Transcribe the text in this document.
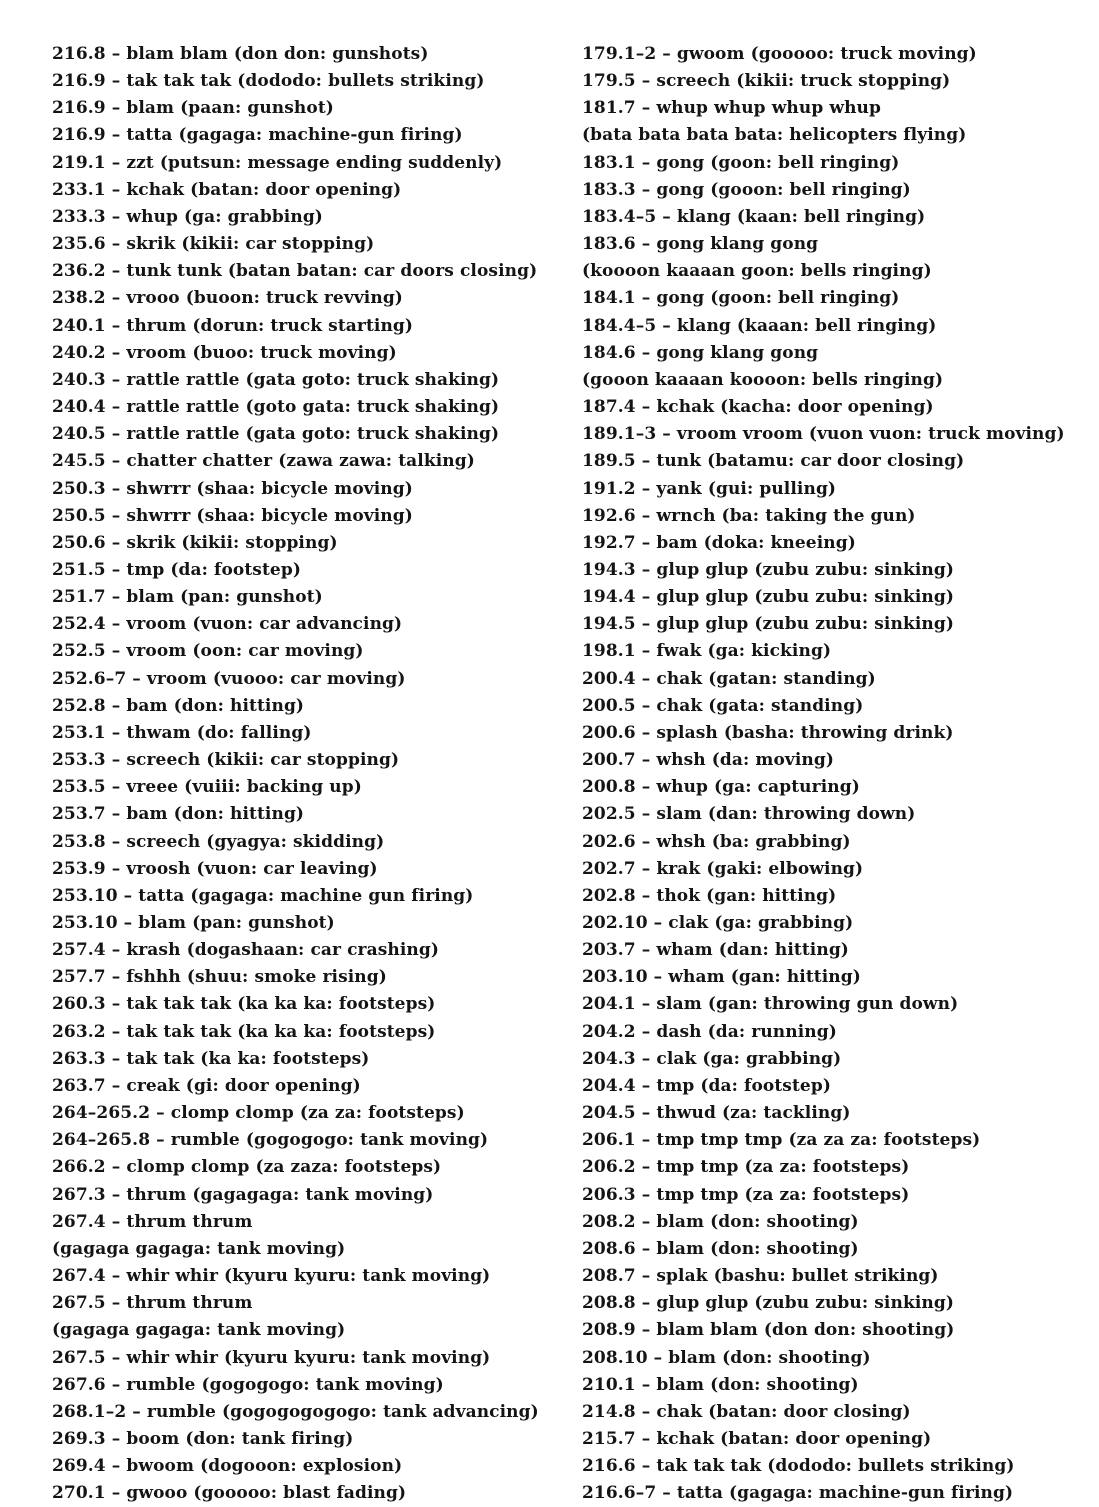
216.8 – blam blam (don don: gunshots)
216.9 – tak tak tak (dododo: bullets striking)
216.9 – blam (paan: gunshot)
216.9 – tatta (gagaga: machine-gun firing)
219.1 – zzt (putsun: message ending suddenly)
233.1 – kchak (batan: door opening)
233.3 – whup (ga: grabbing)
235.6 – skrik (kikii: car stopping)
236.2 – tunk tunk (batan batan: car doors closing)
238.2 – vrooo (buoon: truck revving)
240.1 – thrum (dorun: truck starting)
240.2 – vroom (buoo: truck moving)
240.3 – rattle rattle (gata goto: truck shaking)
240.4 – rattle rattle (goto gata: truck shaking)
240.5 – rattle rattle (gata goto: truck shaking)
245.5 – chatter chatter (zawa zawa: talking)
250.3 – shwrrr (shaa: bicycle moving)
250.5 – shwrrr (shaa: bicycle moving)
250.6 – skrik (kikii: stopping)
251.5 – tmp (da: footstep)
251.7 – blam (pan: gunshot)
252.4 – vroom (vuon: car advancing)
252.5 – vroom (oon: car moving)
252.6–7 – vroom (vuooo: car moving)
252.8 – bam (don: hitting)
253.1 – thwam (do: falling)
253.3 – screech (kikii: car stopping)
253.5 – vreee (vuiii: backing up)
253.7 – bam (don: hitting)
253.8 – screech (gyagya: skidding)
253.9 – vroosh (vuon: car leaving)
253.10 – tatta (gagaga: machine gun firing)
253.10 – blam (pan: gunshot)
257.4 – krash (dogashaan: car crashing)
257.7 – fshhh (shuu: smoke rising)
260.3 – tak tak tak (ka ka ka: footsteps)
263.2 – tak tak tak (ka ka ka: footsteps)
263.3 – tak tak (ka ka: footsteps)
263.7 – creak (gi: door opening)
264–265.2 – clomp clomp (za za: footsteps)
264–265.8 – rumble (gogogogo: tank moving)
266.2 – clomp clomp (za zaza: footsteps)
267.3 – thrum (gagagaga: tank moving)
267.4 – thrum thrum
(gagaga gagaga: tank moving)
267.4 – whir whir (kyuru kyuru: tank moving)
267.5 – thrum thrum
(gagaga gagaga: tank moving)
267.5 – whir whir (kyuru kyuru: tank moving)
267.6 – rumble (gogogogo: tank moving)
268.1–2 – rumble (gogogogogogo: tank advancing)
269.3 – boom (don: tank firing)
269.4 – bwoom (dogooon: explosion)
270.1 – gwooo (gooooo: blast fading)
179.1–2 – gwoom (gooooo: truck moving)
179.5 – screech (kikii: truck stopping)
181.7 – whup whup whup whup
(bata bata bata bata: helicopters flying)
183.1 – gong (goon: bell ringing)
183.3 – gong (gooon: bell ringing)
183.4–5 – klang (kaan: bell ringing)
183.6 – gong klang gong
(koooon kaaaan goon: bells ringing)
184.1 – gong (goon: bell ringing)
184.4–5 – klang (kaaan: bell ringing)
184.6 – gong klang gong
(gooon kaaaan koooon: bells ringing)
187.4 – kchak (kacha: door opening)
189.1–3 – vroom vroom (vuon vuon: truck moving)
189.5 – tunk (batamu: car door closing)
191.2 – yank (gui: pulling)
192.6 – wrnch (ba: taking the gun)
192.7 – bam (doka: kneeing)
194.3 – glup glup (zubu zubu: sinking)
194.4 – glup glup (zubu zubu: sinking)
194.5 – glup glup (zubu zubu: sinking)
198.1 – fwak (ga: kicking)
200.4 – chak (gatan: standing)
200.5 – chak (gata: standing)
200.6 – splash (basha: throwing drink)
200.7 – whsh (da: moving)
200.8 – whup (ga: capturing)
202.5 – slam (dan: throwing down)
202.6 – whsh (ba: grabbing)
202.7 – krak (gaki: elbowing)
202.8 – thok (gan: hitting)
202.10 – clak (ga: grabbing)
203.7 – wham (dan: hitting)
203.10 – wham (gan: hitting)
204.1 – slam (gan: throwing gun down)
204.2 – dash (da: running)
204.3 – clak (ga: grabbing)
204.4 – tmp (da: footstep)
204.5 – thwud (za: tackling)
206.1 – tmp tmp tmp (za za za: footsteps)
206.2 – tmp tmp (za za: footsteps)
206.3 – tmp tmp (za za: footsteps)
208.2 – blam (don: shooting)
208.6 – blam (don: shooting)
208.7 – splak (bashu: bullet striking)
208.8 – glup glup (zubu zubu: sinking)
208.9 – blam blam (don don: shooting)
208.10 – blam (don: shooting)
210.1 – blam (don: shooting)
214.8 – chak (batan: door closing)
215.7 – kchak (batan: door opening)
216.6 – tak tak tak (dododo: bullets striking)
216.6–7 – tatta (gagaga: machine-gun firing)
